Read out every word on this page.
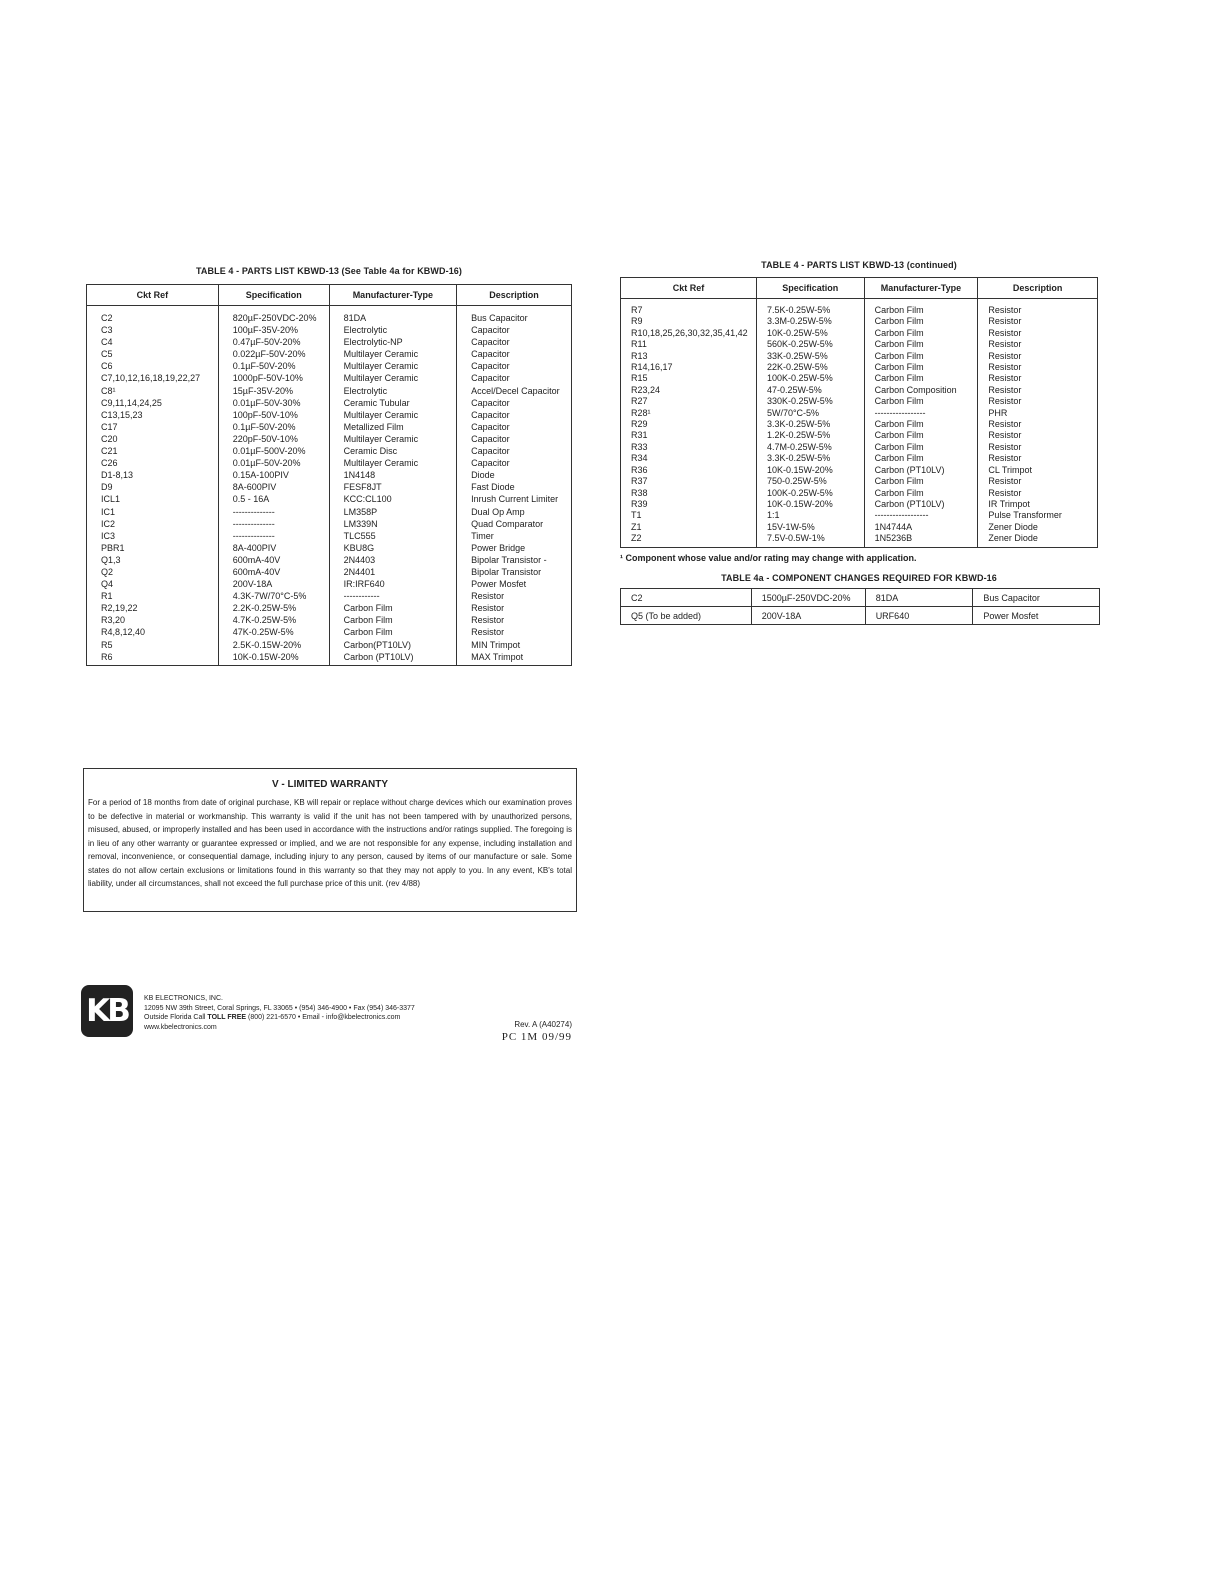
TABLE 4 - PARTS LIST KBWD-13 (See Table 4a for KBWD-16)
Ckt Ref	Specification	Manufacturer-Type	Description
C2	820µF-250VDC-20%	81DA	Bus Capacitor
C3	100µF-35V-20%	Electrolytic	Capacitor
C4	0.47µF-50V-20%	Electrolytic-NP	Capacitor
C5	0.022µF-50V-20%	Multilayer Ceramic	Capacitor
C6	0.1µF-50V-20%	Multilayer Ceramic	Capacitor
C7,10,12,16,18,19,22,27	1000pF-50V-10%	Multilayer Ceramic	Capacitor
C8¹	15µF-35V-20%	Electrolytic	Accel/Decel Capacitor
C9,11,14,24,25	0.01µF-50V-30%	Ceramic Tubular	Capacitor
C13,15,23	100pF-50V-10%	Multilayer Ceramic	Capacitor
C17	0.1µF-50V-20%	Metallized Film	Capacitor
C20	220pF-50V-10%	Multilayer Ceramic	Capacitor
C21	0.01µF-500V-20%	Ceramic Disc	Capacitor
C26	0.01µF-50V-20%	Multilayer Ceramic	Capacitor
D1-8,13	0.15A-100PIV	1N4148	Diode
D9	8A-600PIV	FESF8JT	Fast Diode
ICL1	0.5 - 16A	KCC:CL100	Inrush Current Limiter
IC1	--------------	LM358P	Dual Op Amp
IC2	--------------	LM339N	Quad Comparator
IC3	--------------	TLC555	Timer
PBR1	8A-400PIV	KBU8G	Power Bridge
Q1,3	600mA-40V	2N4403	Bipolar Transistor -
Q2	600mA-40V	2N4401	Bipolar Transistor
Q4	200V-18A	IR:IRF640	Power Mosfet
R1	4.3K-7W/70°C-5%	------------	Resistor
R2,19,22	2.2K-0.25W-5%	Carbon Film	Resistor
R3,20	4.7K-0.25W-5%	Carbon Film	Resistor
R4,8,12,40	47K-0.25W-5%	Carbon Film	Resistor
R5	2.5K-0.15W-20%	Carbon(PT10LV)	MIN Trimpot
R6	10K-0.15W-20%	Carbon (PT10LV)	MAX Trimpot
TABLE 4 - PARTS LIST KBWD-13 (continued)
Ckt Ref	Specification	Manufacturer-Type	Description
R7	7.5K-0.25W-5%	Carbon Film	Resistor
R9	3.3M-0.25W-5%	Carbon Film	Resistor
R10,18,25,26,30,32,35,41,42	10K-0.25W-5%	Carbon Film	Resistor
R11	560K-0.25W-5%	Carbon Film	Resistor
R13	33K-0.25W-5%	Carbon Film	Resistor
R14,16,17	22K-0.25W-5%	Carbon Film	Resistor
R15	100K-0.25W-5%	Carbon Film	Resistor
R23,24	47-0.25W-5%	Carbon Composition	Resistor
R27	330K-0.25W-5%	Carbon Film	Resistor
R28¹	5W/70°C-5%	-----------------	PHR
R29	3.3K-0.25W-5%	Carbon Film	Resistor
R31	1.2K-0.25W-5%	Carbon Film	Resistor
R33	4.7M-0.25W-5%	Carbon Film	Resistor
R34	3.3K-0.25W-5%	Carbon Film	Resistor
R36	10K-0.15W-20%	Carbon (PT10LV)	CL Trimpot
R37	750-0.25W-5%	Carbon Film	Resistor
R38	100K-0.25W-5%	Carbon Film	Resistor
R39	10K-0.15W-20%	Carbon (PT10LV)	IR Trimpot
T1	1:1	------------------	Pulse Transformer
Z1	15V-1W-5%	1N4744A	Zener Diode
Z2	7.5V-0.5W-1%	1N5236B	Zener Diode
¹ Component whose value and/or rating may change with application.
TABLE 4a - COMPONENT CHANGES REQUIRED FOR KBWD-16
C2	1500µF-250VDC-20%	81DA	Bus Capacitor
Q5 (To be added)	200V-18A	URF640	Power Mosfet
V - LIMITED WARRANTY

For a period of 18 months from date of original purchase, KB will repair or replace without charge devices which our examination proves to be defective in material or workmanship. This warranty is valid if the unit has not been tampered with by unauthorized persons, misused, abused, or improperly installed and has been used in accordance with the instructions and/or ratings supplied. The foregoing is in lieu of any other warranty or guarantee expressed or implied, and we are not responsible for any expense, including installation and removal, inconvenience, or consequential damage, including injury to any person, caused by items of our manufacture or sale. Some states do not allow certain exclusions or limitations found in this warranty so that they may not apply to you. In any event, KB's total liability, under all circumstances, shall not exceed the full purchase price of this unit. (rev 4/88)

KB	KB ELECTRONICS, INC.
12095 NW 39th Street, Coral Springs, FL 33065 • (954) 346-4900 • Fax (954) 346-3377
Outside Florida Call TOLL FREE (800) 221-6570 • Email - info@kbelectronics.com
www.kbelectronics.com	Rev. A (A40274)
PC 1M 09/99
